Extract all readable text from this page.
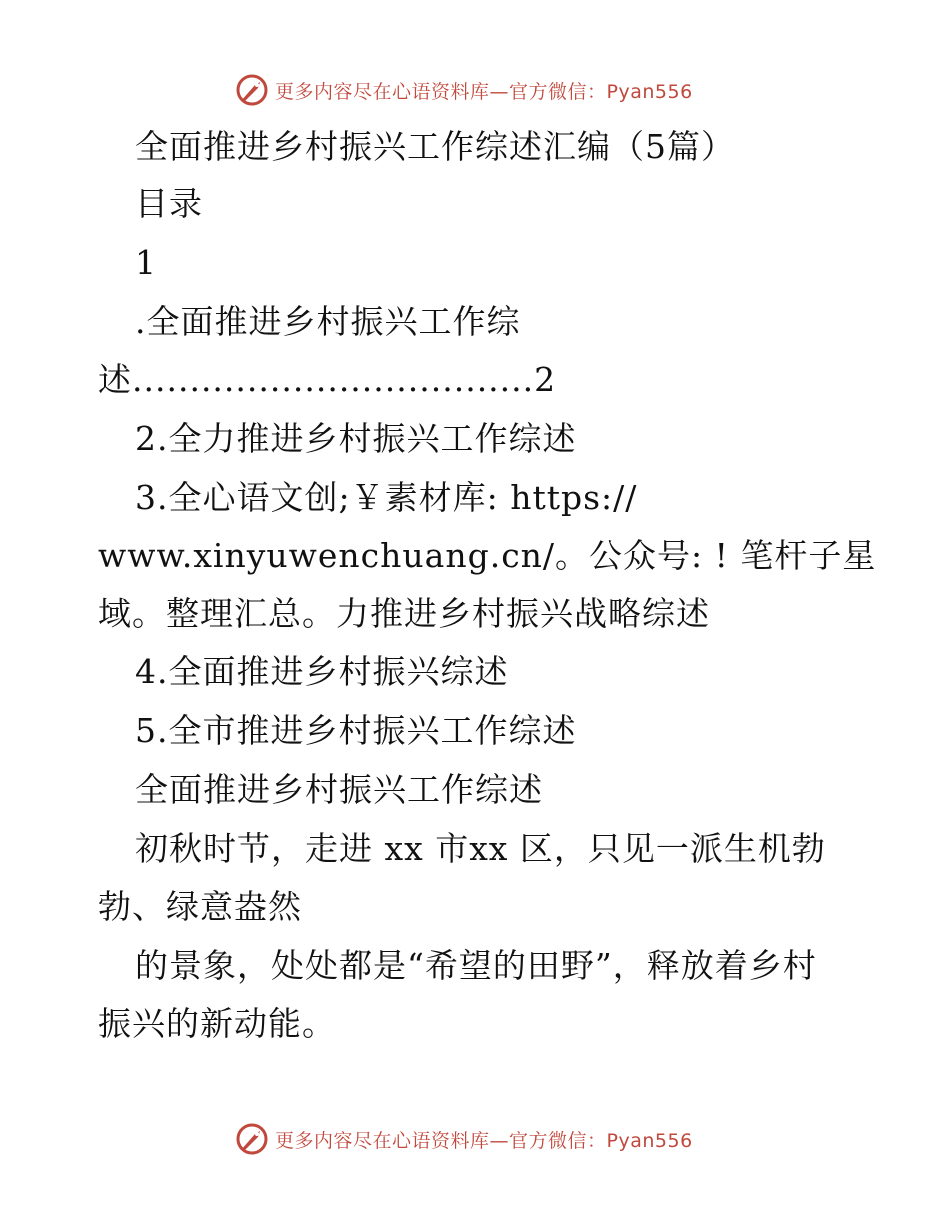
更多内容尽在心语资料库—官方微信：Pyan556
全面推进乡村振兴工作综述汇编（5篇）
目录
1
.全面推进乡村振兴工作综
述...................................2
2.全力推进乡村振兴工作综述
3.全心语文创;￥素材库: https://
www.xinyuwenchuang.cn/。公众号: ! 笔杆子星
域。整理汇总。力推进乡村振兴战略综述
4.全面推进乡村振兴综述
5.全市推进乡村振兴工作综述
全面推进乡村振兴工作综述
初秋时节，走进 xx 市xx 区，只见一派生机勃
勃、绿意盎然
的景象，处处都是“希望的田野”，释放着乡村
振兴的新动能。
更多内容尽在心语资料库—官方微信：Pyan556
